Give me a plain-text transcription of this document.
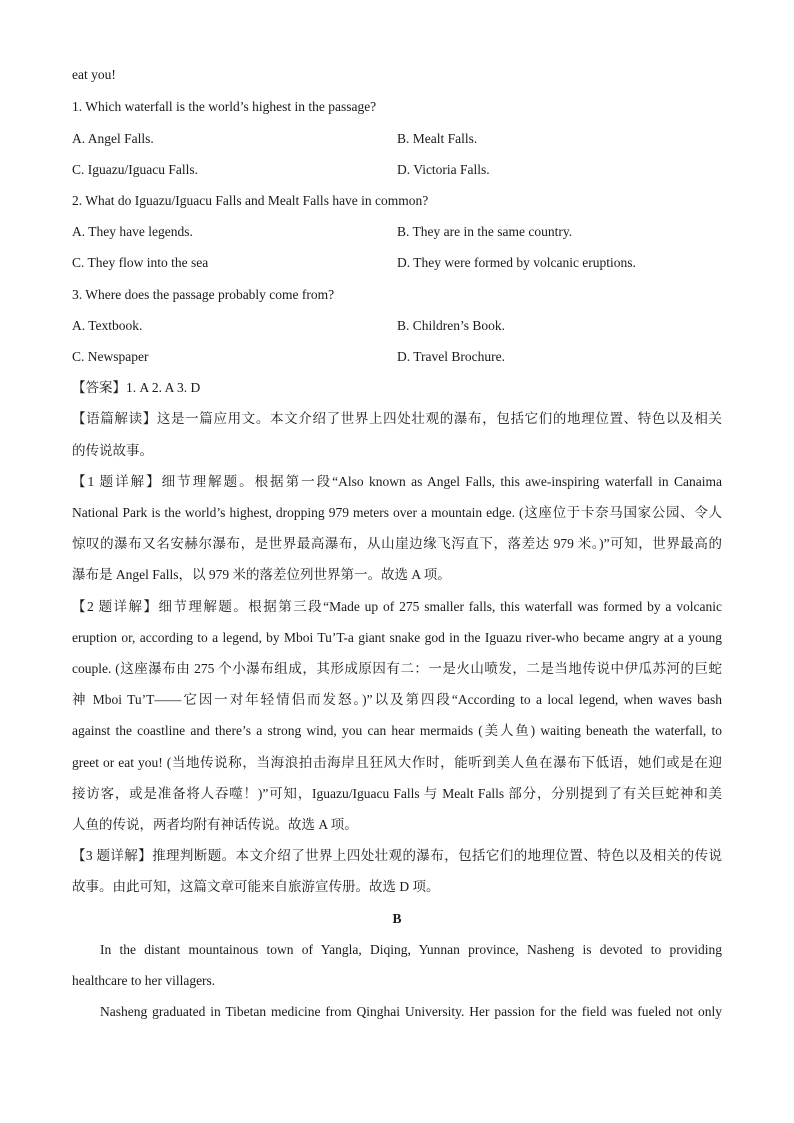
eat you!
1. Which waterfall is the world’s highest in the passage?
A. Angel Falls.	B. Mealt Falls.
C. Iguazu/Iguacu Falls.	D. Victoria Falls.
2. What do Iguazu/Iguacu Falls and Mealt Falls have in common?
A. They have legends.	B. They are in the same country.
C. They flow into the sea	D. They were formed by volcanic eruptions.
3. Where does the passage probably come from?
A. Textbook.	B. Children’s Book.
C. Newspaper	D. Travel Brochure.
【答案】1. A 2. A 3. D
【语篇解读】这是一篇应用文。本文介绍了世界上四处壮观的瀑布，包括它们的地理位置、特色以及相关
的传说故事。
【1 题详解】细节理解题。根据第一段“Also known as Angel Falls, this awe-inspiring waterfall in Canaima
National Park is the world’s highest, dropping 979 meters over a mountain edge. (这座位于卡奈马国家公园、令人
惊叹的瀑布又名安赫尔瀑布，是世界最高瀑布，从山崖边缘飞泻直下，落差达 979 米。)”可知，世界最高的
瀑布是 Angel Falls，以 979 米的落差位列世界第一。故选 A 项。
【2 题详解】细节理解题。根据第三段“Made up of 275 smaller falls, this waterfall was formed by a volcanic
eruption or, according to a legend, by Mboi Tu’T-a giant snake god in the Iguazu river-who became angry at a young
couple. (这座瀑布由 275 个小瀑布组成，其形成原因有二：一是火山喷发，二是当地传说中伊瓜苏河的巨蛇
神 Mboi Tu’T——它因一对年轻情侣而发怒。)”以及第四段“According to a local legend, when waves bash
against the coastline and there’s a strong wind, you can hear mermaids (美人鱼) waiting beneath the waterfall, to
greet or eat you! (当地传说称，当海浪拍击海岸且狂风大作时，能听到美人鱼在瀑布下低语，她们或是在迎
接访客，或是准备将人吞噬！)”可知，Iguazu/Iguacu Falls 与 Mealt Falls 部分，分别提到了有关巨蛇神和美
人鱼的传说，两者均附有神话传说。故选 A 项。
【3 题详解】推理判断题。本文介绍了世界上四处壮观的瀑布，包括它们的地理位置、特色以及相关的传说
故事。由此可知，这篇文章可能来自旅游宣传册。故选 D 项。
B
In the distant mountainous town of Yangla, Diqing, Yunnan province, Nasheng is devoted to providing
healthcare to her villagers.
Nasheng graduated in Tibetan medicine from Qinghai University. Her passion for the field was fueled not only
